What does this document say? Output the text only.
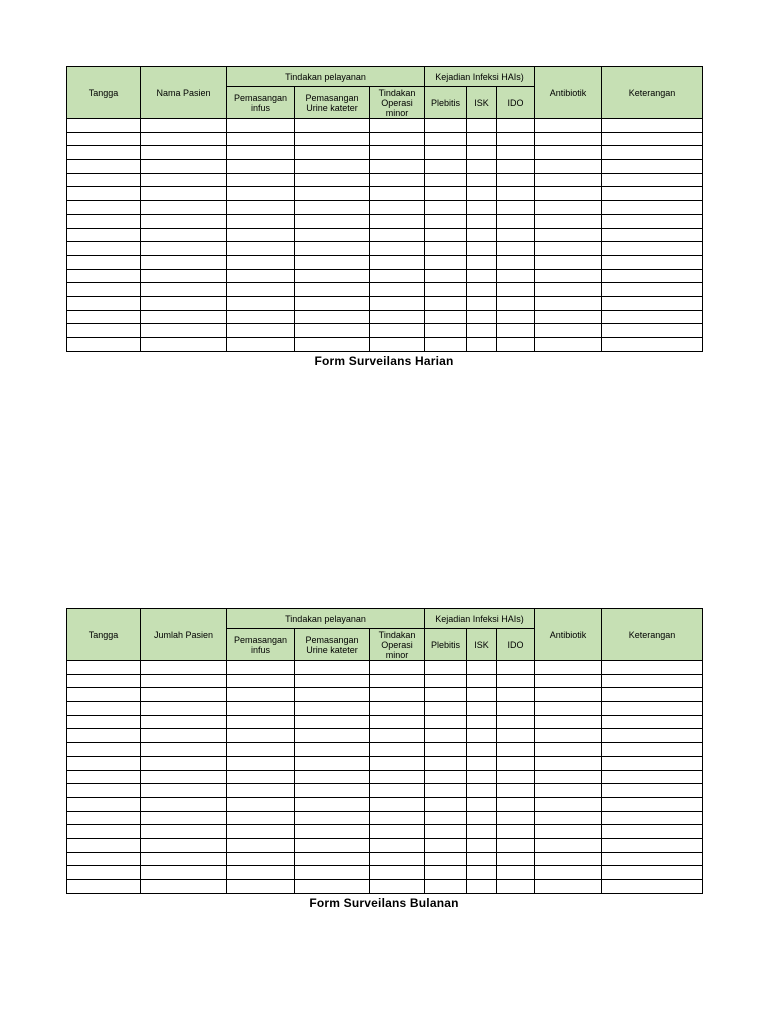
Tangga	Nama Pasien	Tindakan pelayanan			Kejadian Infeksi HAIs)			Antibiotik	Keterangan
		Pemasangan infus	Pemasangan Urine kateter	Tindakan Operasi minor	Plebitis	ISK	IDO		

Form Surveilans Harian
Tangga	Jumlah Pasien	Tindakan pelayanan			Kejadian Infeksi HAIs)			Antibiotik	Keterangan
		Pemasangan infus	Pemasangan Urine kateter	Tindakan Operasi minor	Plebitis	ISK	IDO		

Form Surveilans Bulanan
